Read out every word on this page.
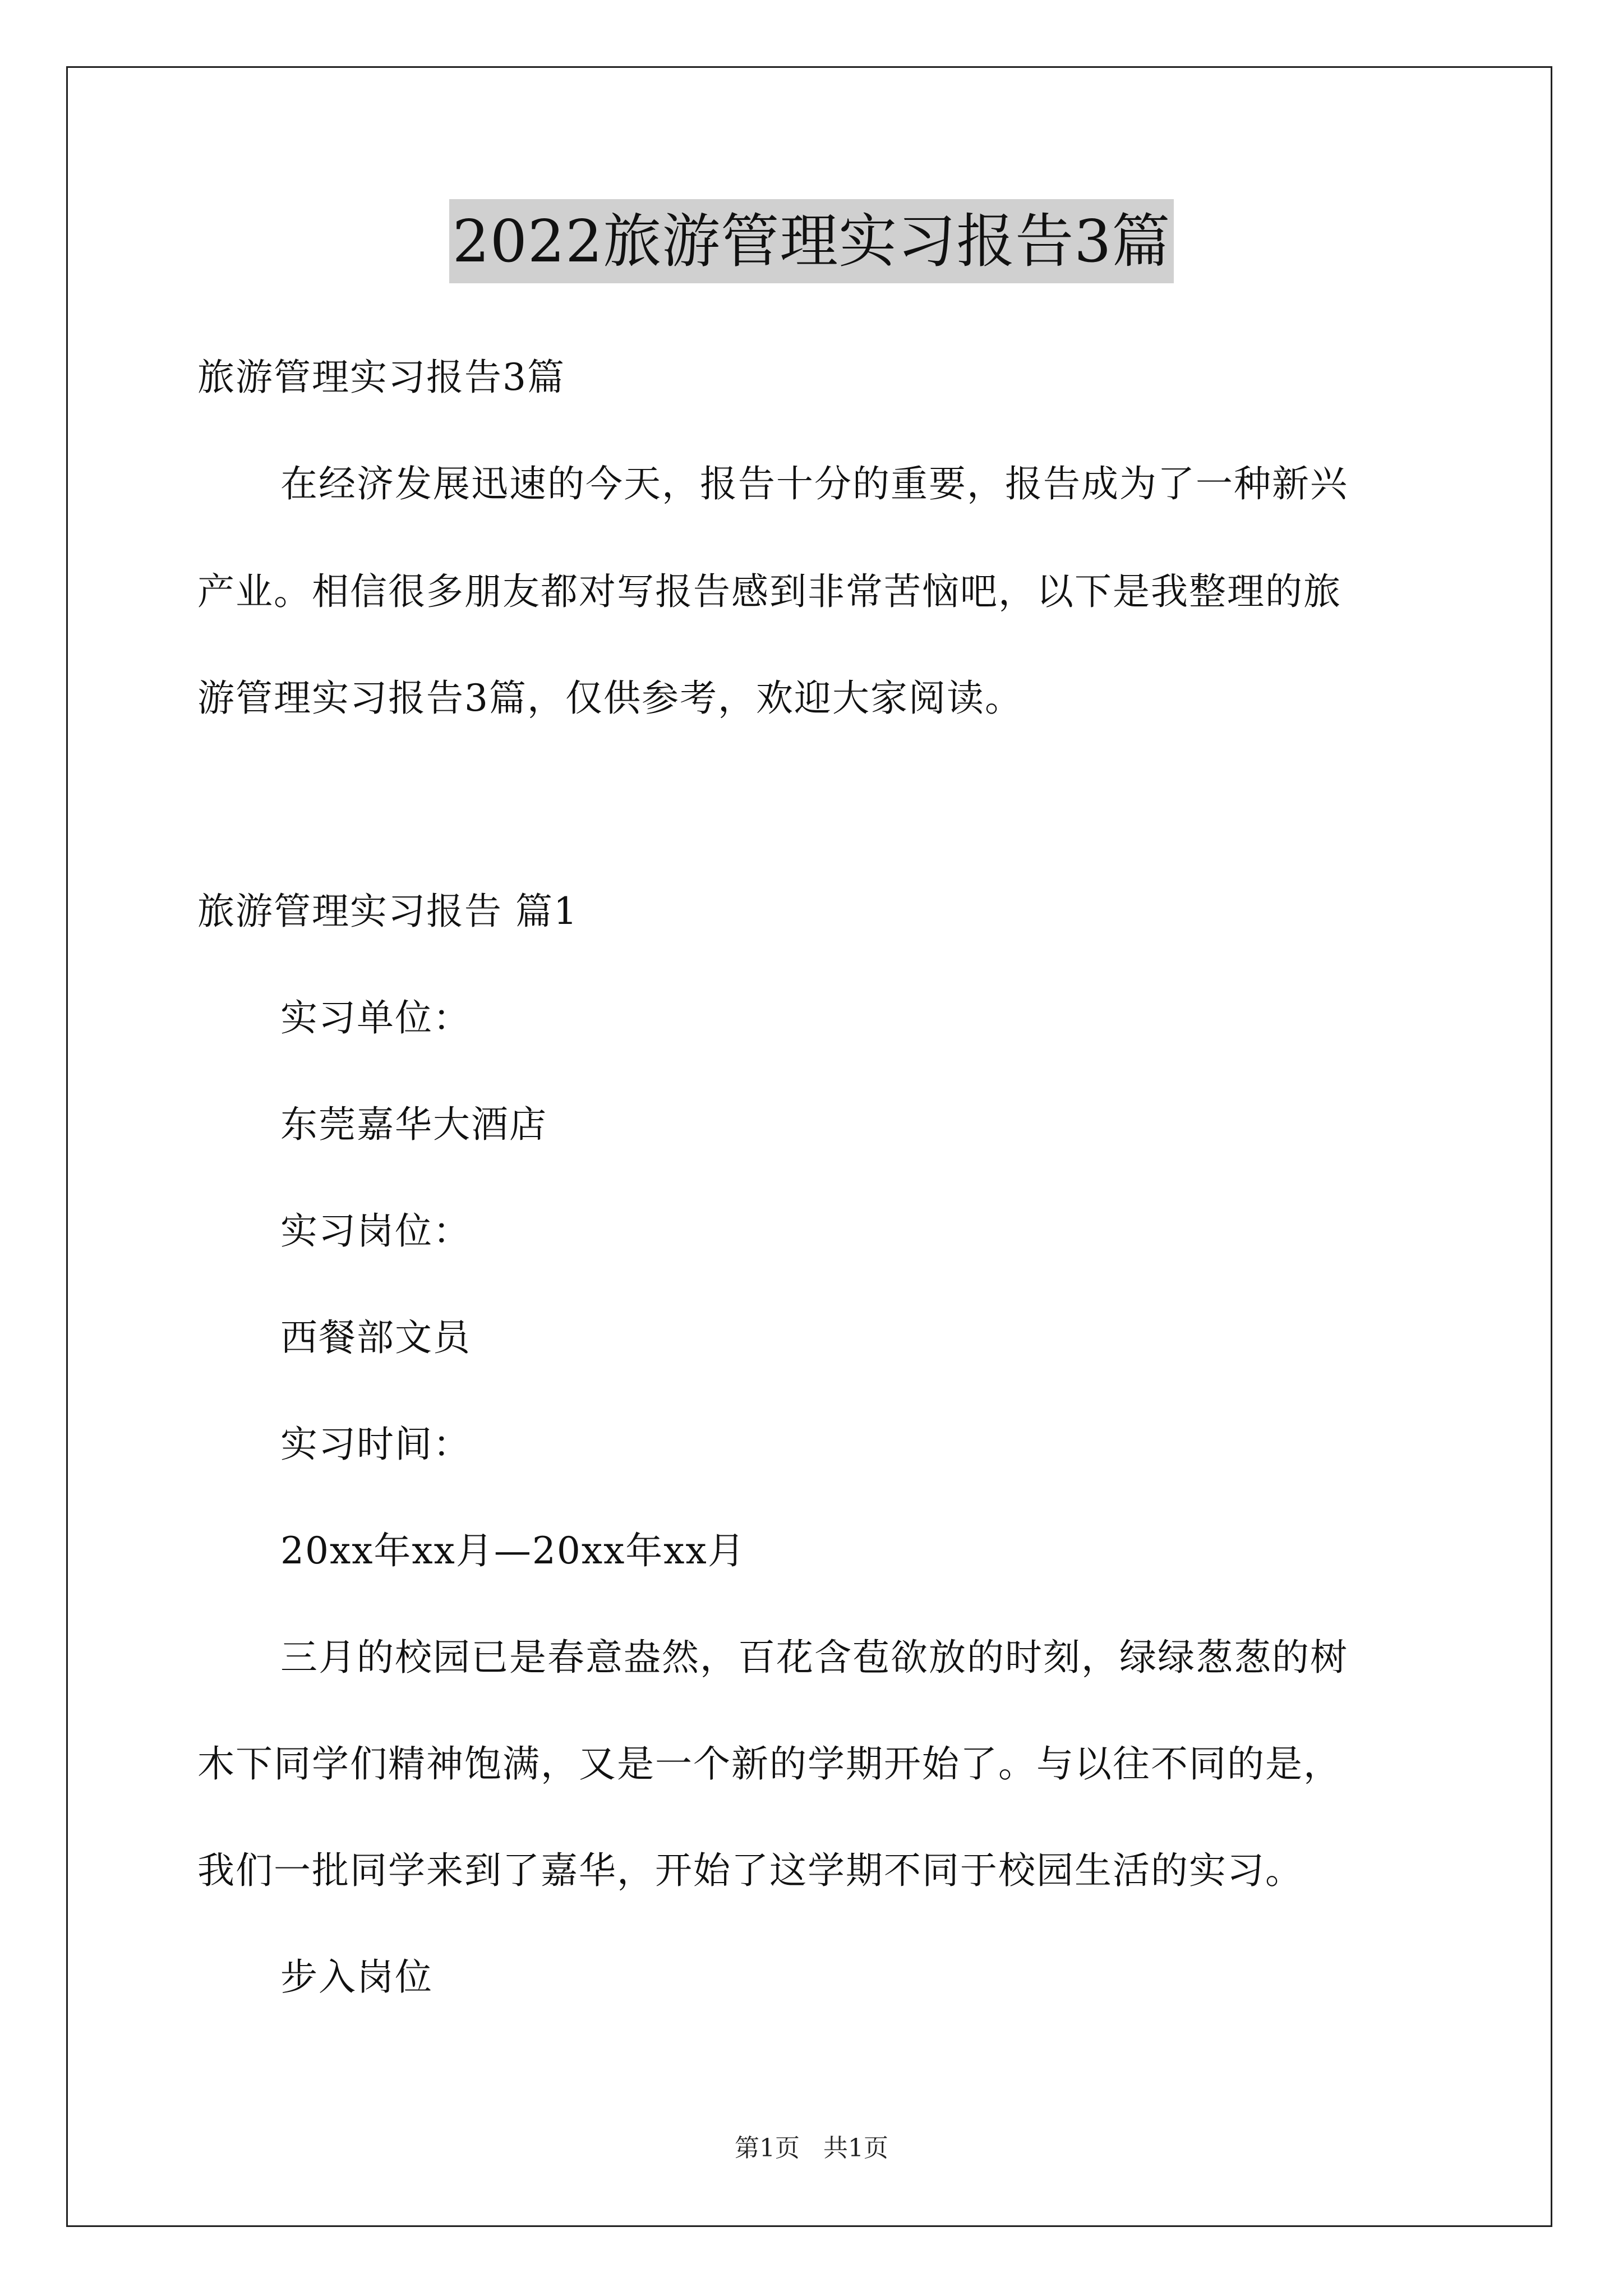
2022旅游管理实习报告3篇
旅游管理实习报告3篇
在经济发展迅速的今天，报告十分的重要，报告成为了一种新兴
产业。相信很多朋友都对写报告感到非常苦恼吧，以下是我整理的旅
游管理实习报告3篇，仅供参考，欢迎大家阅读。
旅游管理实习报告 篇1
实习单位：
东莞嘉华大酒店
实习岗位：
西餐部文员
实习时间：
20xx年xx月—20xx年xx月
三月的校园已是春意盎然，百花含苞欲放的时刻，绿绿葱葱的树
木下同学们精神饱满，又是一个新的学期开始了。与以往不同的是，
我们一批同学来到了嘉华，开始了这学期不同于校园生活的实习。
步入岗位
第1页 共1页
